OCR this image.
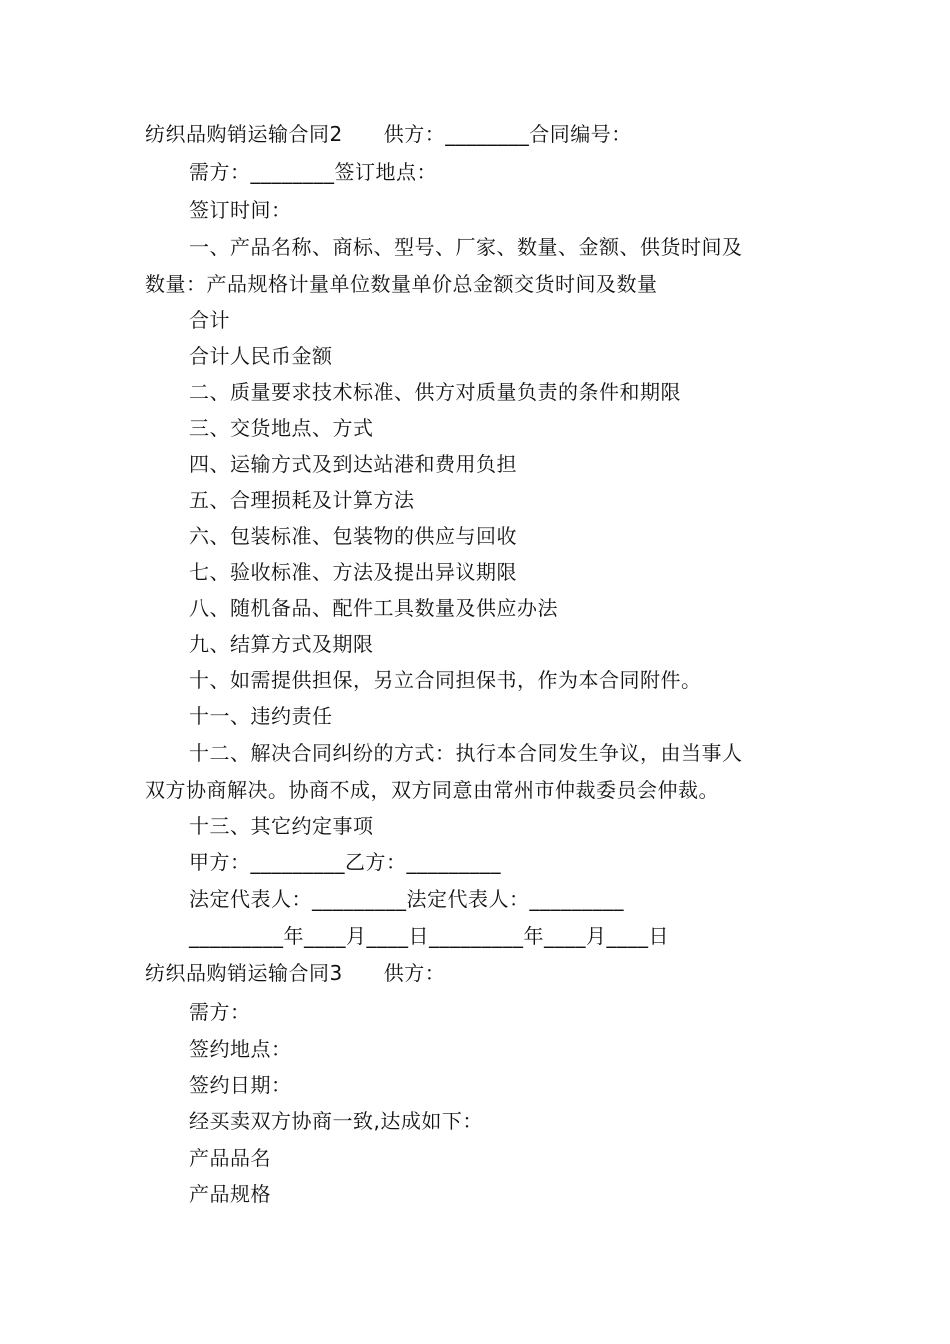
纺织品购销运输合同2　　供方：________合同编号：
需方：________签订地点：
签订时间：
一、产品名称、商标、型号、厂家、数量、金额、供货时间及
数量：产品规格计量单位数量单价总金额交货时间及数量
合计
合计人民币金额
二、质量要求技术标准、供方对质量负责的条件和期限
三、交货地点、方式
四、运输方式及到达站港和费用负担
五、合理损耗及计算方法
六、包装标准、包装物的供应与回收
七、验收标准、方法及提出异议期限
八、随机备品、配件工具数量及供应办法
九、结算方式及期限
十、如需提供担保，另立合同担保书，作为本合同附件。
十一、违约责任
十二、解决合同纠纷的方式：执行本合同发生争议，由当事人
双方协商解决。协商不成，双方同意由常州市仲裁委员会仲裁。
十三、其它约定事项
甲方：_________乙方：_________
法定代表人：_________法定代表人：_________
_________年____月____日_________年____月____日
纺织品购销运输合同3　　供方：
需方：
签约地点：
签约日期：
经买卖双方协商一致,达成如下：
产品品名
产品规格
